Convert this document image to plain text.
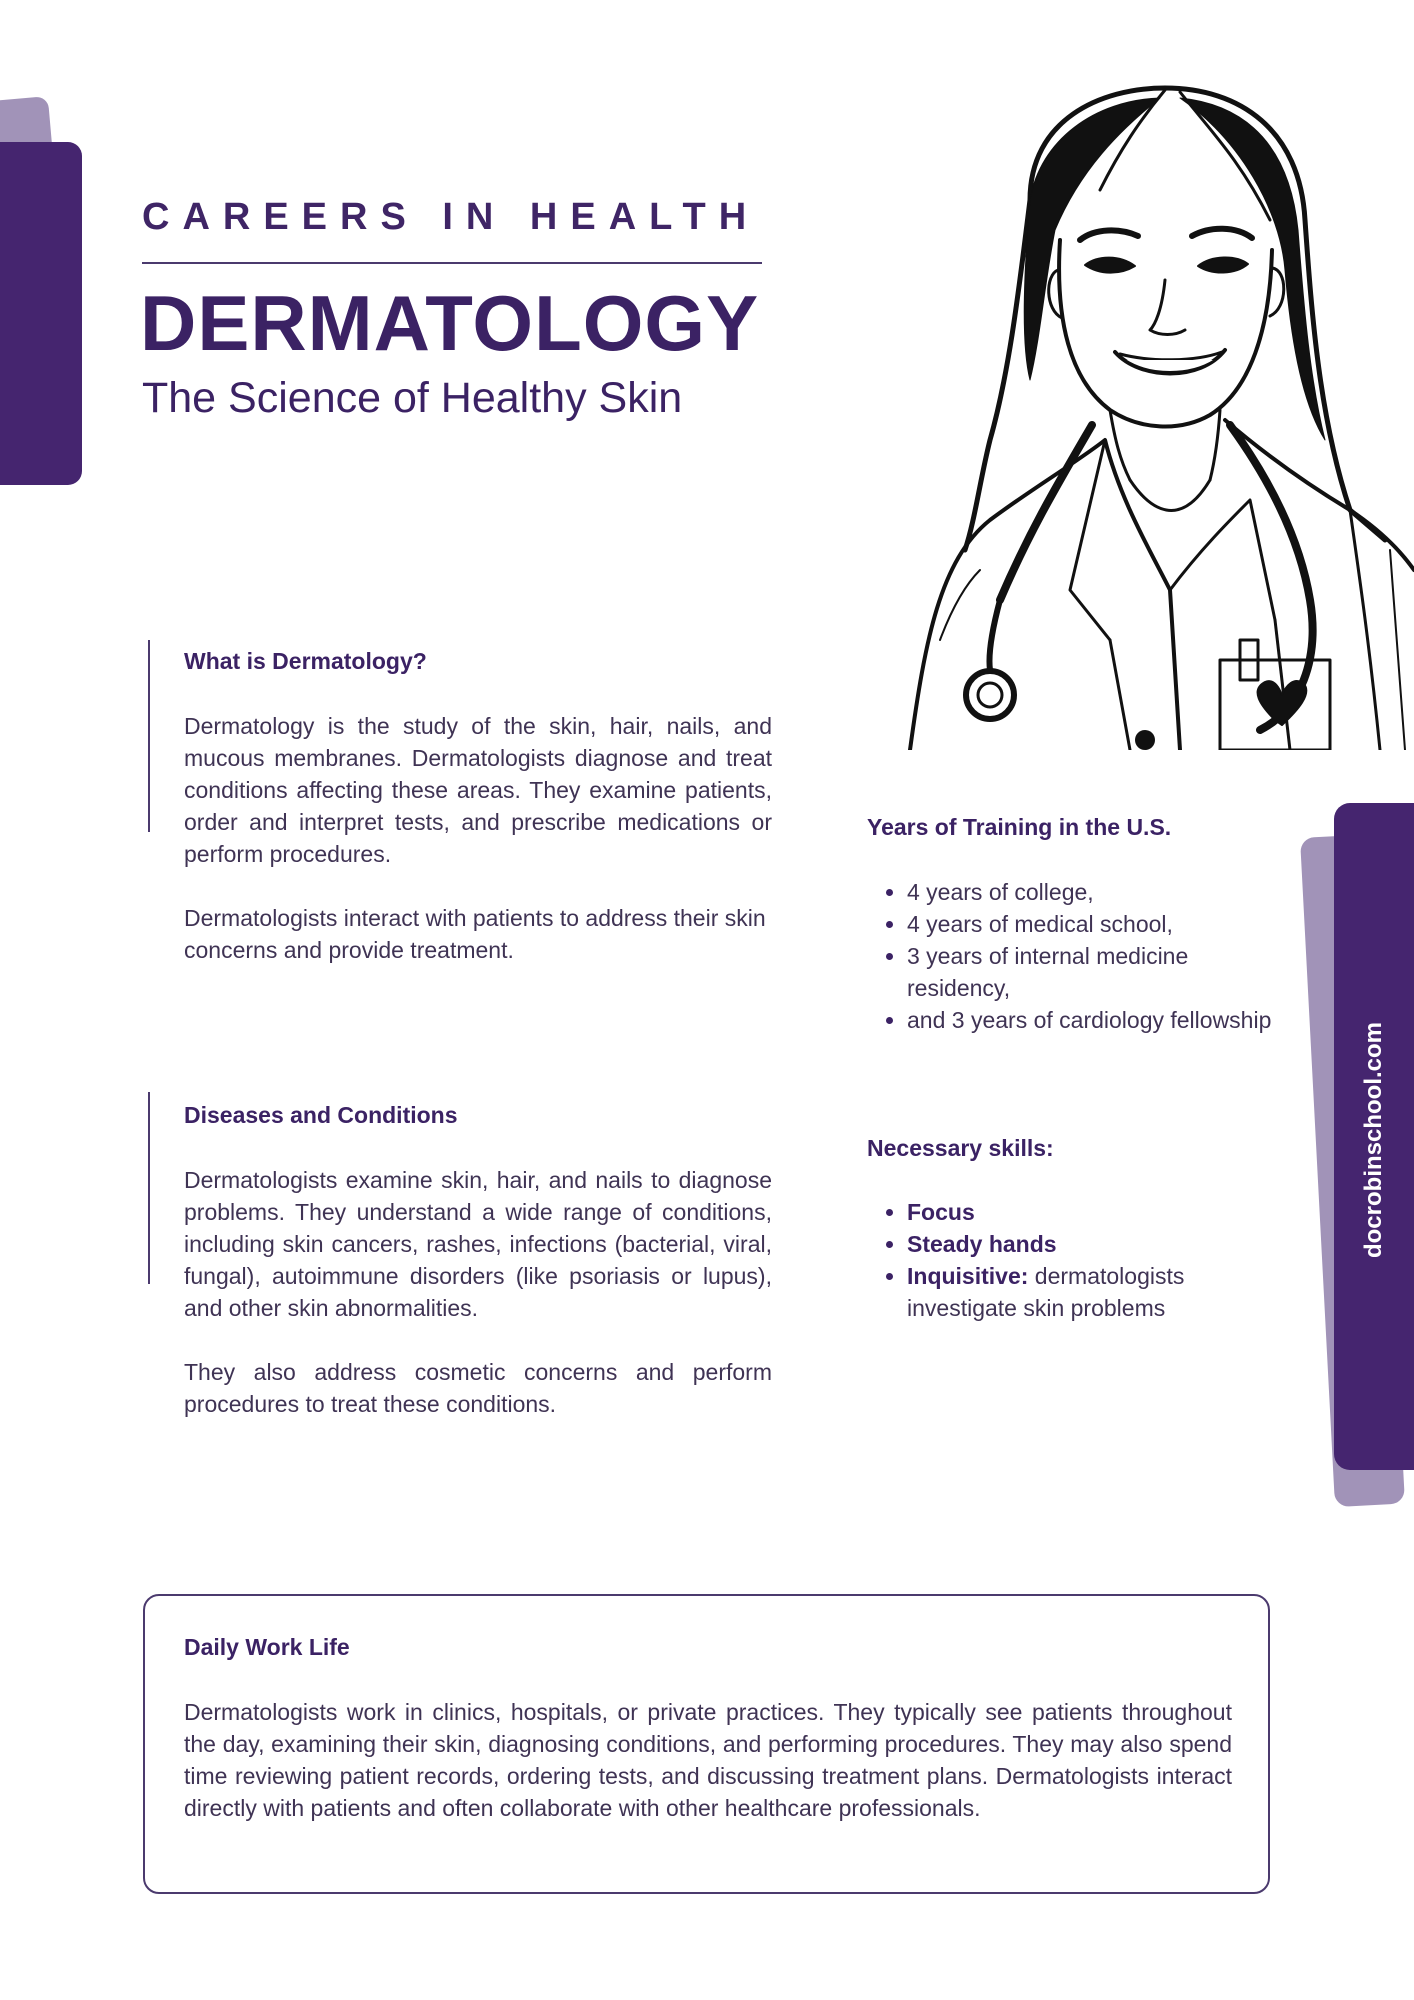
docrobinschool.com
CAREERS IN HEALTH
DERMATOLOGY
The Science of Healthy Skin
What is Dermatology?

Dermatology is the study of the skin, hair, nails, and mucous membranes. Dermatologists diagnose and treat conditions affecting these areas. They examine patients, order and interpret tests, and prescribe medications or perform procedures.

Dermatologists interact with patients to address their skin concerns and provide treatment.

Diseases and Conditions

Dermatologists examine skin, hair, and nails to diagnose problems. They understand a wide range of conditions, including skin cancers, rashes, infections (bacterial, viral, fungal), autoimmune disorders (like psoriasis or lupus), and other skin abnormalities.

They also address cosmetic concerns and perform procedures to treat these conditions.

Years of Training in the U.S.
• 4 years of college,
• 4 years of medical school,
• 3 years of internal medicine residency,
• and 3 years of cardiology fellowship
Necessary skills:
• Focus
• Steady hands
• Inquisitive: dermatologists investigate skin problems
Daily Work Life

Dermatologists work in clinics, hospitals, or private practices. They typically see patients throughout the day, examining their skin, diagnosing conditions, and performing procedures. They may also spend time reviewing patient records, ordering tests, and discussing treatment plans. Dermatologists interact directly with patients and often collaborate with other healthcare professionals.
